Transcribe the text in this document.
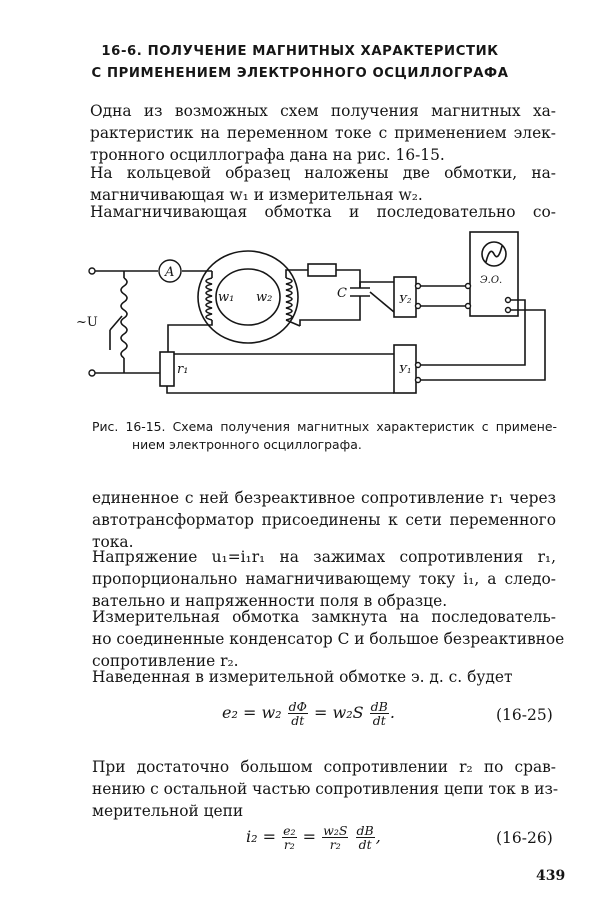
16-6. ПОЛУЧЕНИЕ МАГНИТНЫХ ХАРАКТЕРИСТИК
С ПРИМЕНЕНИЕМ ЭЛЕКТРОННОГО ОСЦИЛЛОГРАФА
Одна из возможных схем получения магнитных ха-
рактеристик на переменном токе с применением элек-
тронного осциллографа дана на рис. 16-15.
На кольцевой образец наложены две обмотки, на-
магничивающая w₁ и измерительная w₂.
Намагничивающая обмотка и последовательно со-
A
w₁ w₂	C	У₂
У₁
r₁
~U
Э.О.
Рис. 16-15. Схема получения магнитных характеристик с примене-
нием электронного осциллографа.
единенное с ней безреактивное сопротивление r₁ через
автотрансформатор присоединены к сети переменного
тока.
Напряжение u₁=i₁r₁ на зажимах сопротивления r₁,
пропорционально намагничивающему току i₁, а следо-
вательно и напряженности поля в образце.
Измерительная обмотка замкнута на последователь-
но соединенные конденсатор C и большое безреактивное
сопротивление r₂.
Наведенная в измерительной обмотке э. д. с. будет
$e_2 = w_2 \frac{d\Phi}{dt} = w_2S \frac{dB}{dt}$ .	(16-25)
При достаточно большом сопротивлении r₂ по срав-
нению с остальной частью сопротивления цепи ток в из-
мерительной цепи
$i_2 = \frac{\text{e₂}}{\text{r₂}} = \frac{\text{w₂S}}{\text{r₂}}$
$\frac{dB}{dt}$ ,	(16-26)
439
